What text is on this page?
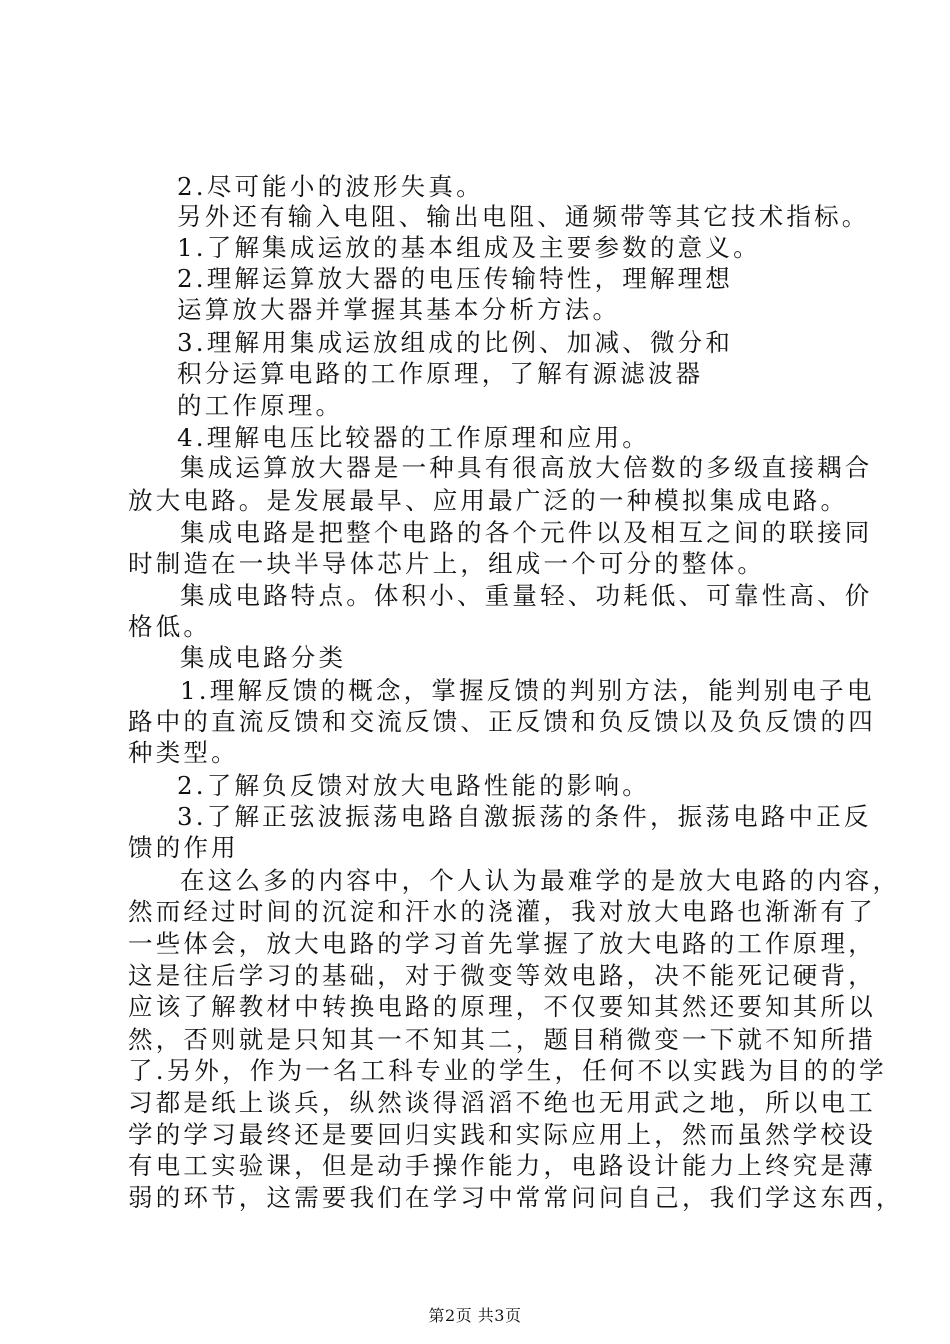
2.尽可能小的波形失真。
另外还有输入电阻、输出电阻、通频带等其它技术指标。
1.了解集成运放的基本组成及主要参数的意义。
2.理解运算放大器的电压传输特性，理解理想
运算放大器并掌握其基本分析方法。
3.理解用集成运放组成的比例、加减、微分和
积分运算电路的工作原理，了解有源滤波器
的工作原理。
4.理解电压比较器的工作原理和应用。
集成运算放大器是一种具有很高放大倍数的多级直接耦合
放大电路。是发展最早、应用最广泛的一种模拟集成电路。
集成电路是把整个电路的各个元件以及相互之间的联接同
时制造在一块半导体芯片上，组成一个可分的整体。
集成电路特点。体积小、重量轻、功耗低、可靠性高、价
格低。
集成电路分类
1.理解反馈的概念，掌握反馈的判别方法，能判别电子电
路中的直流反馈和交流反馈、正反馈和负反馈以及负反馈的四
种类型。
2.了解负反馈对放大电路性能的影响。
3.了解正弦波振荡电路自激振荡的条件，振荡电路中正反
馈的作用
在这么多的内容中，个人认为最难学的是放大电路的内容，
然而经过时间的沉淀和汗水的浇灌，我对放大电路也渐渐有了
一些体会，放大电路的学习首先掌握了放大电路的工作原理，
这是往后学习的基础，对于微变等效电路，决不能死记硬背，
应该了解教材中转换电路的原理，不仅要知其然还要知其所以
然，否则就是只知其一不知其二，题目稍微变一下就不知所措
了.另外，作为一名工科专业的学生，任何不以实践为目的的学
习都是纸上谈兵，纵然谈得滔滔不绝也无用武之地，所以电工
学的学习最终还是要回归实践和实际应用上，然而虽然学校设
有电工实验课，但是动手操作能力，电路设计能力上终究是薄
弱的环节，这需要我们在学习中常常问问自己，我们学这东西，
第2页 共3页
